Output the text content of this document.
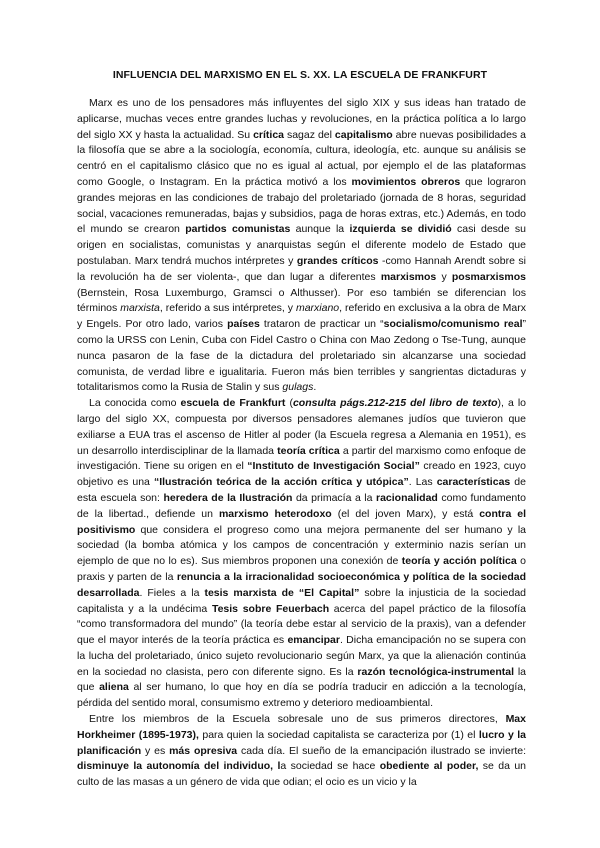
INFLUENCIA DEL MARXISMO EN EL S. XX. LA ESCUELA DE FRANKFURT

Marx es uno de los pensadores más influyentes del siglo XIX y sus ideas han tratado de aplicarse, muchas veces entre grandes luchas y revoluciones, en la práctica política a lo largo del siglo XX y hasta la actualidad. Su crítica sagaz del capitalismo abre nuevas posibilidades a la filosofía que se abre a la sociología, economía, cultura, ideología, etc. aunque su análisis se centró en el capitalismo clásico que no es igual al actual, por ejemplo el de las plataformas como Google, o Instagram. En la práctica motivó a los movimientos obreros que lograron grandes mejoras en las condiciones de trabajo del proletariado (jornada de 8 horas, seguridad social, vacaciones remuneradas, bajas y subsidios, paga de horas extras, etc.) Además, en todo el mundo se crearon partidos comunistas aunque la izquierda se dividió casi desde su origen en socialistas, comunistas y anarquistas según el diferente modelo de Estado que postulaban. Marx tendrá muchos intérpretes y grandes críticos -como Hannah Arendt sobre si la revolución ha de ser violenta-, que dan lugar a diferentes marxismos y posmarxismos (Bernstein, Rosa Luxemburgo, Gramsci o Althusser). Por eso también se diferencian los términos marxista, referido a sus intérpretes, y marxiano, referido en exclusiva a la obra de Marx y Engels. Por otro lado, varios países trataron de practicar un “socialismo/comunismo real” como la URSS con Lenin, Cuba con Fidel Castro o China con Mao Zedong o Tse-Tung, aunque nunca pasaron de la fase de la dictadura del proletariado sin alcanzarse una sociedad comunista, de verdad libre e igualitaria. Fueron más bien terribles y sangrientas dictaduras y totalitarismos como la Rusia de Stalin y sus gulags.

La conocida como escuela de Frankfurt (consulta págs.212-215 del libro de texto), a lo largo del siglo XX, compuesta por diversos pensadores alemanes judíos que tuvieron que exiliarse a EUA tras el ascenso de Hitler al poder (la Escuela regresa a Alemania en 1951), es un desarrollo interdisciplinar de la llamada teoría crítica a partir del marxismo como enfoque de investigación. Tiene su origen en el “Instituto de Investigación Social” creado en 1923, cuyo objetivo es una “Ilustración teórica de la acción crítica y utópica”. Las características de esta escuela son: heredera de la Ilustración da primacía a la racionalidad como fundamento de la libertad., defiende un marxismo heterodoxo (el del joven Marx), y está contra el positivismo que considera el progreso como una mejora permanente del ser humano y la sociedad (la bomba atómica y los campos de concentración y exterminio nazis serían un ejemplo de que no lo es). Sus miembros proponen una conexión de teoría y acción política o praxis y parten de la renuncia a la irracionalidad socioeconómica y política de la sociedad desarrollada. Fieles a la tesis marxista de “El Capital” sobre la injusticia de la sociedad capitalista y a la undécima Tesis sobre Feuerbach acerca del papel práctico de la filosofía “como transformadora del mundo” (la teoría debe estar al servicio de la praxis), van a defender que el mayor interés de la teoría práctica es emancipar. Dicha emancipación no se supera con la lucha del proletariado, único sujeto revolucionario según Marx, ya que la alienación continúa en la sociedad no clasista, pero con diferente signo. Es la razón tecnológica-instrumental la que aliena al ser humano, lo que hoy en día se podría traducir en adicción a la tecnología, pérdida del sentido moral, consumismo extremo y deterioro medioambiental.

Entre los miembros de la Escuela sobresale uno de sus primeros directores, Max Horkheimer (1895-1973), para quien la sociedad capitalista se caracteriza por (1) el lucro y la planificación y es más opresiva cada día. El sueño de la emancipación ilustrado se invierte: disminuye la autonomía del individuo, la sociedad se hace obediente al poder, se da un culto de las masas a un género de vida que odian; el ocio es un vicio y la
